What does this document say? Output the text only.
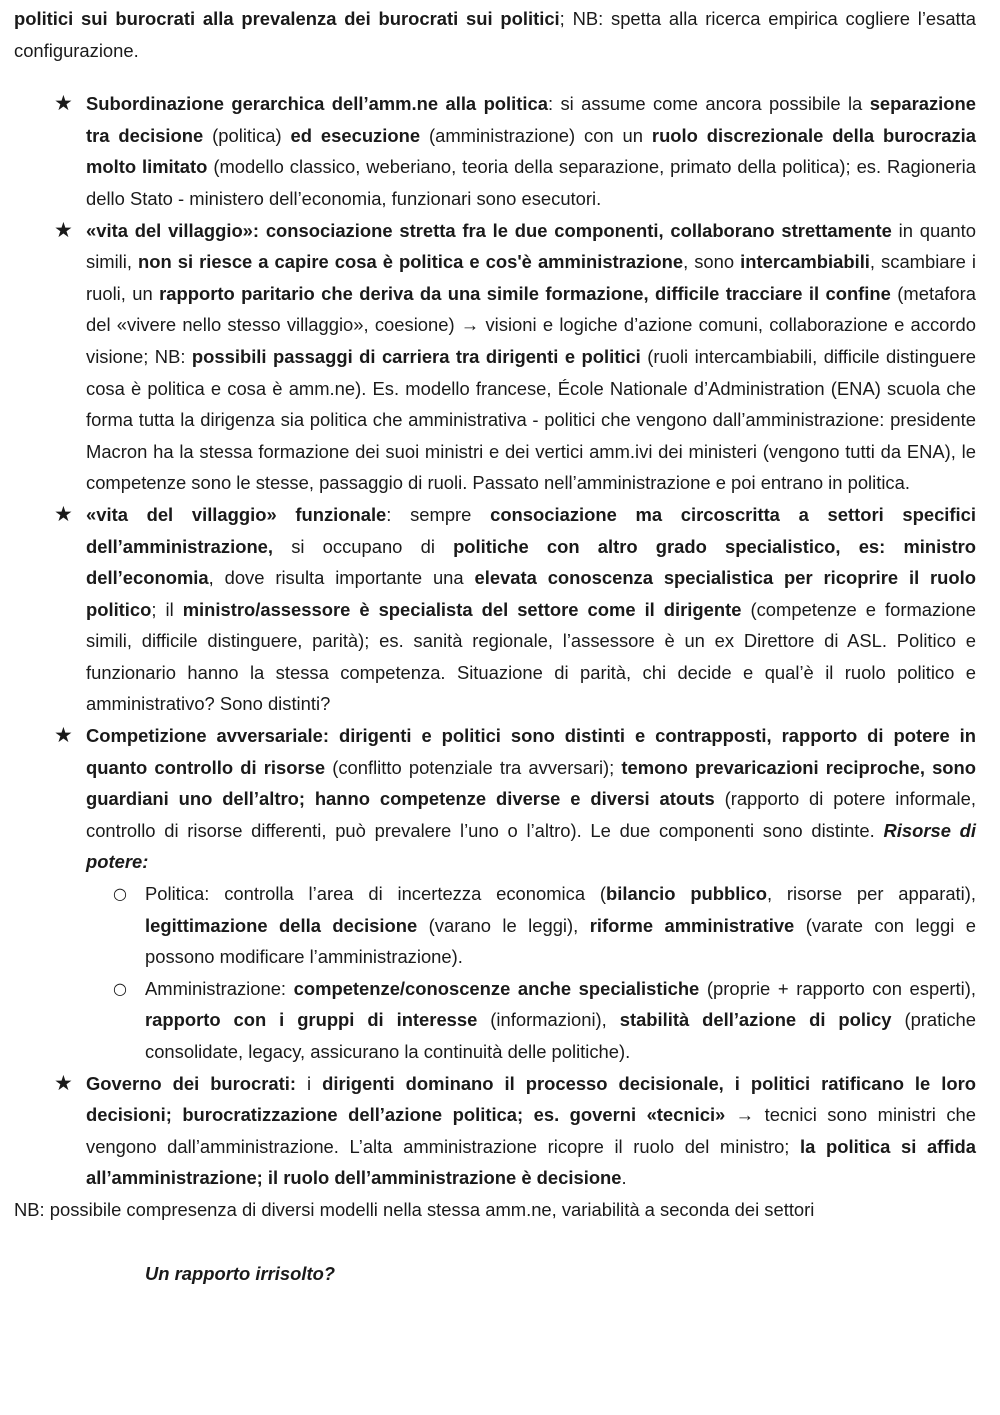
politici sui burocrati alla prevalenza dei burocrati sui politici; NB: spetta alla ricerca empirica cogliere l’esatta configurazione.

★ Subordinazione gerarchica dell’amm.ne alla politica: si assume come ancora possibile la separazione tra decisione (politica) ed esecuzione (amministrazione) con un ruolo discrezionale della burocrazia molto limitato (modello classico, weberiano, teoria della separazione, primato della politica); es. Ragioneria dello Stato - ministero dell’economia, funzionari sono esecutori.
★ «vita del villaggio»: consociazione stretta fra le due componenti, collaborano strettamente in quanto simili, non si riesce a capire cosa è politica e cos'è amministrazione, sono intercambiabili, scambiare i ruoli, un rapporto paritario che deriva da una simile formazione, difficile tracciare il confine (metafora del «vivere nello stesso villaggio», coesione) → visioni e logiche d’azione comuni, collaborazione e accordo visione; NB: possibili passaggi di carriera tra dirigenti e politici (ruoli intercambiabili, difficile distinguere cosa è politica e cosa è amm.ne). Es. modello francese, École Nationale d’Administration (ENA) scuola che forma tutta la dirigenza sia politica che amministrativa - politici che vengono dall’amministrazione: presidente Macron ha la stessa formazione dei suoi ministri e dei vertici amm.ivi dei ministeri (vengono tutti da ENA), le competenze sono le stesse, passaggio di ruoli. Passato nell’amministrazione e poi entrano in politica.
★ «vita del villaggio» funzionale: sempre consociazione ma circoscritta a settori specifici dell’amministrazione, si occupano di politiche con altro grado specialistico, es: ministro dell’economia, dove risulta importante una elevata conoscenza specialistica per ricoprire il ruolo politico; il ministro/assessore è specialista del settore come il dirigente (competenze e formazione simili, difficile distinguere, parità); es. sanità regionale, l’assessore è un ex Direttore di ASL. Politico e funzionario hanno la stessa competenza. Situazione di parità, chi decide e qual’è il ruolo politico e amministrativo? Sono distinti?
★ Competizione avversariale: dirigenti e politici sono distinti e contrapposti, rapporto di potere in quanto controllo di risorse (conflitto potenziale tra avversari); temono prevaricazioni reciproche, sono guardiani uno dell’altro; hanno competenze diverse e diversi atouts (rapporto di potere informale, controllo di risorse differenti, può prevalere l’uno o l’altro). Le due componenti sono distinte. Risorse di potere:
○ Politica: controlla l’area di incertezza economica (bilancio pubblico, risorse per apparati), legittimazione della decisione (varano le leggi), riforme amministrative (varate con leggi e possono modificare l’amministrazione).
○ Amministrazione: competenze/conoscenze anche specialistiche (proprie + rapporto con esperti), rapporto con i gruppi di interesse (informazioni), stabilità dell’azione di policy (pratiche consolidate, legacy, assicurano la continuità delle politiche).
★ Governo dei burocrati: i dirigenti dominano il processo decisionale, i politici ratificano le loro decisioni; burocratizzazione dell’azione politica; es. governi «tecnici» → tecnici sono ministri che vengono dall’amministrazione. L’alta amministrazione ricopre il ruolo del ministro; la politica si affida all’amministrazione; il ruolo dell’amministrazione è decisione.

NB: possibile compresenza di diversi modelli nella stessa amm.ne, variabilità a seconda dei settori

Un rapporto irrisolto?
